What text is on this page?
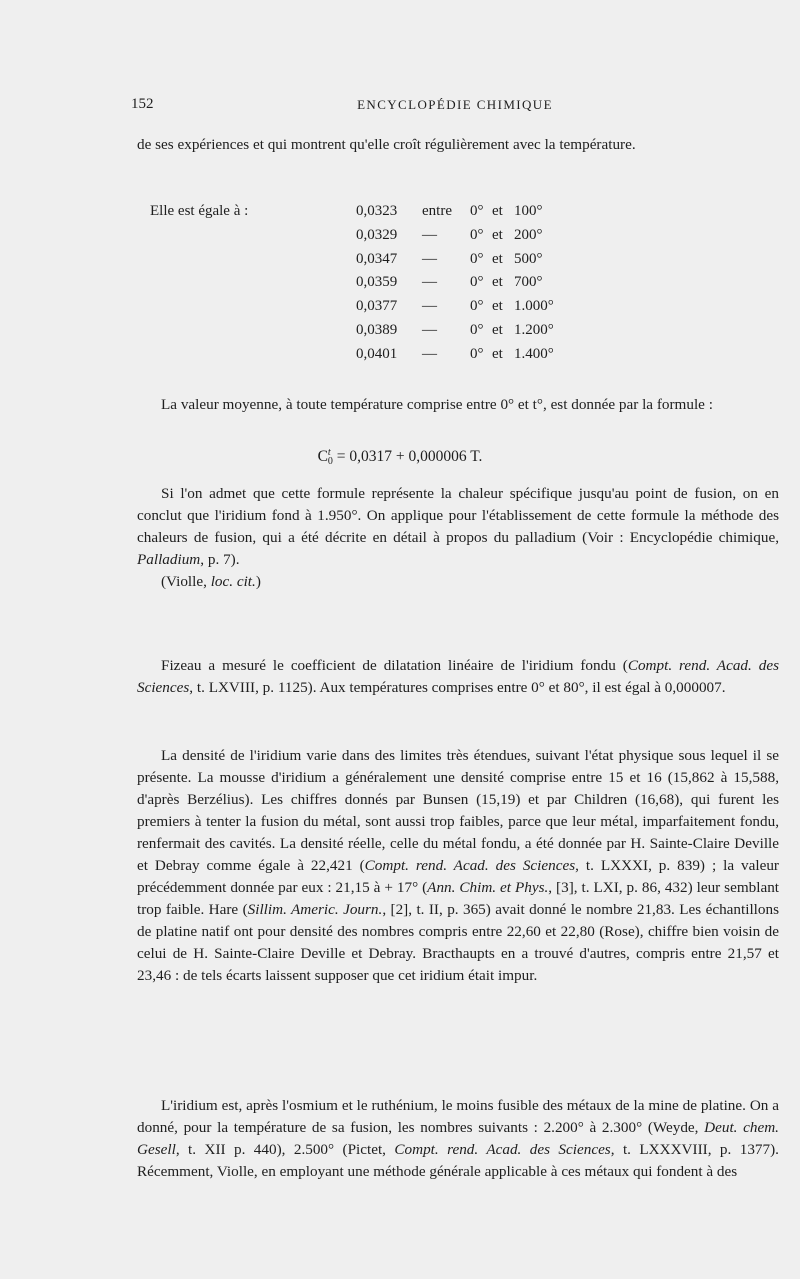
152	ENCYCLOPÉDIE CHIMIQUE

de ses expériences et qui montrent qu'elle croît régulièrement avec la température.

Elle est égale à :	0,0323 entre 0° et 100°
0,0329 — 0° et 200°
0,0347 — 0° et 500°
0,0359 — 0° et 700°
0,0377 — 0° et 1.000°
0,0389 — 0° et 1.200°
0,0401 — 0° et 1.400°

La valeur moyenne, à toute température comprise entre 0° et t°, est donnée par la formule :

C t
0 = 0,0317 + 0,000006 T.

Si l'on admet que cette formule représente la chaleur spécifique jusqu'au point de fusion, on en conclut que l'iridium fond à 1.950°. On applique pour l'établissement de cette formule la méthode des chaleurs de fusion, qui a été décrite en détail à propos du palladium (Voir : Encyclopédie chimique, Palladium, p. 7).

(Violle, loc. cit.)

Fizeau a mesuré le coefficient de dilatation linéaire de l'iridium fondu (Compt. rend. Acad. des Sciences, t. LXVIII, p. 1125). Aux températures comprises entre 0° et 80°, il est égal à 0,000007.

La densité de l'iridium varie dans des limites très étendues, suivant l'état physique sous lequel il se présente. La mousse d'iridium a généralement une densité comprise entre 15 et 16 (15,862 à 15,588, d'après Berzélius). Les chiffres donnés par Bunsen (15,19) et par Children (16,68), qui furent les premiers à tenter la fusion du métal, sont aussi trop faibles, parce que leur métal, imparfaitement fondu, renfermait des cavités. La densité réelle, celle du métal fondu, a été donnée par H. Sainte-Claire Deville et Debray comme égale à 22,421 (Compt. rend. Acad. des Sciences, t. LXXXI, p. 839) ; la valeur précédemment donnée par eux : 21,15 à + 17° (Ann. Chim. et Phys., [3], t. LXI, p. 86, 432) leur semblant trop faible. Hare (Sillim. Americ. Journ., [2], t. II, p. 365) avait donné le nombre 21,83. Les échantillons de platine natif ont pour densité des nombres compris entre 22,60 et 22,80 (Rose), chiffre bien voisin de celui de H. Sainte-Claire Deville et Debray. Bracthaupts en a trouvé d'autres, compris entre 21,57 et 23,46 : de tels écarts laissent supposer que cet iridium était impur.

L'iridium est, après l'osmium et le ruthénium, le moins fusible des métaux de la mine de platine. On a donné, pour la température de sa fusion, les nombres suivants : 2.200° à 2.300° (Weyde, Deut. chem. Gesell, t. XII p. 440), 2.500° (Pictet, Compt. rend. Acad. des Sciences, t. LXXXVIII, p. 1377). Récemment, Violle, en employant une méthode générale applicable à ces métaux qui fondent à des
